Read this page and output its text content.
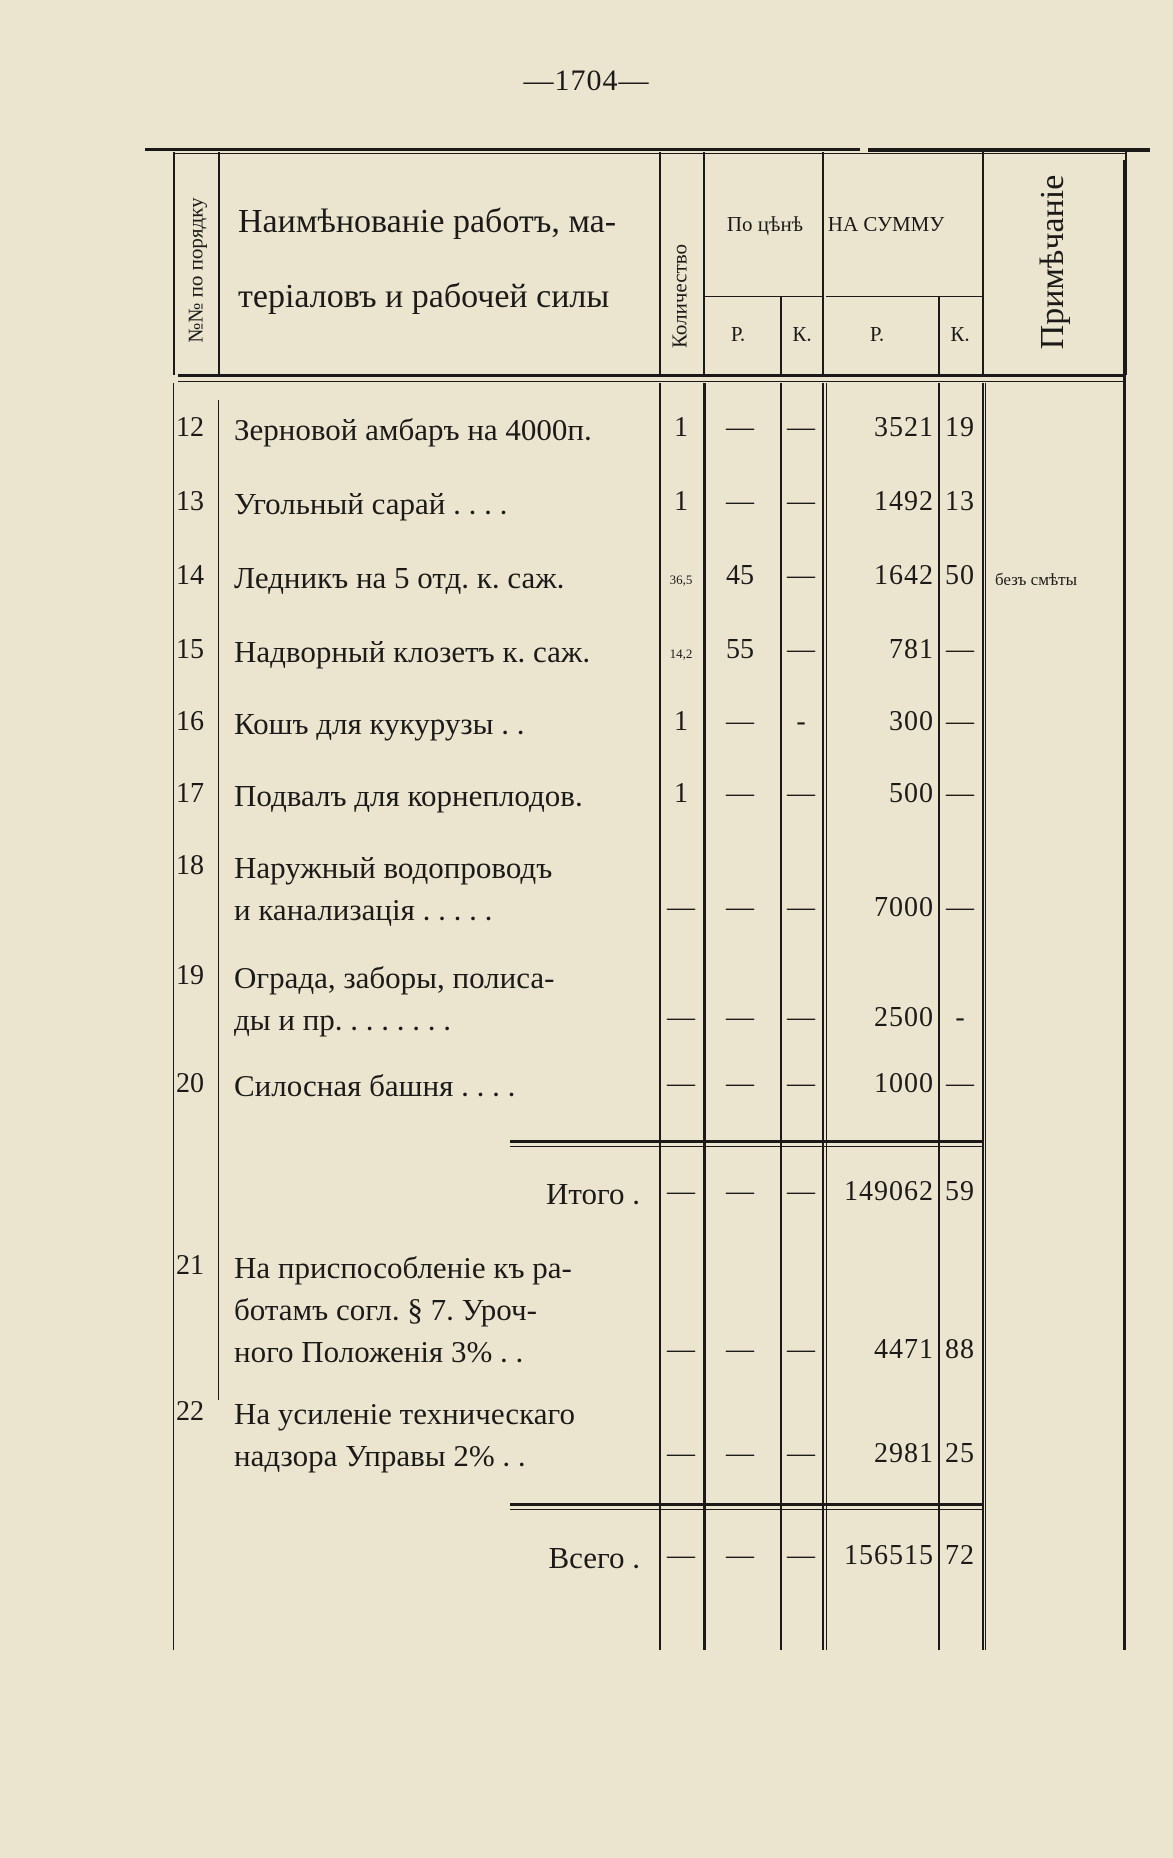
—1704—
№№ по порядку Наимѣнованіе работъ, ма-
теріаловъ и рабочей силы	Количество
По цѣнѣ	НА СУММУ	Примѣчаніе
Р.	К.	Р.	К.
12 Зерновой амбаръ на 4000п.	1	—	—	3521 19
13 Угольный сарай . . . .	1	—	—	1492 13
14 Ледникъ на 5 отд. к. саж.	36,5	45	—	1642 50 безъ смѣты
15 Надворный клозетъ к. саж.	14,2	55	—	781 —
16 Кошъ для кукурузы . .	1	—	-	300 —
17 Подвалъ для корнеплодов.	1	—	—	500 —
18 Наружный водопроводъ
и канализація . . . . .	—	—	—	7000 —
19 Ограда, заборы, полиса-
ды и пр. . . . . . . .	—	—	—	2500 -
20 Силосная башня . . . .	—	—	—	1000 —
Итого . —	—	—	149062 59
21 На приспособленіе къ ра-
ботамъ согл. § 7. Уроч-
ного Положенія 3% . .	—	—	—	4471 88
22 На усиленіе техническаго
надзора Управы 2% . .	—	—	—	2981 25
Всего . —	—	—	156515 72
